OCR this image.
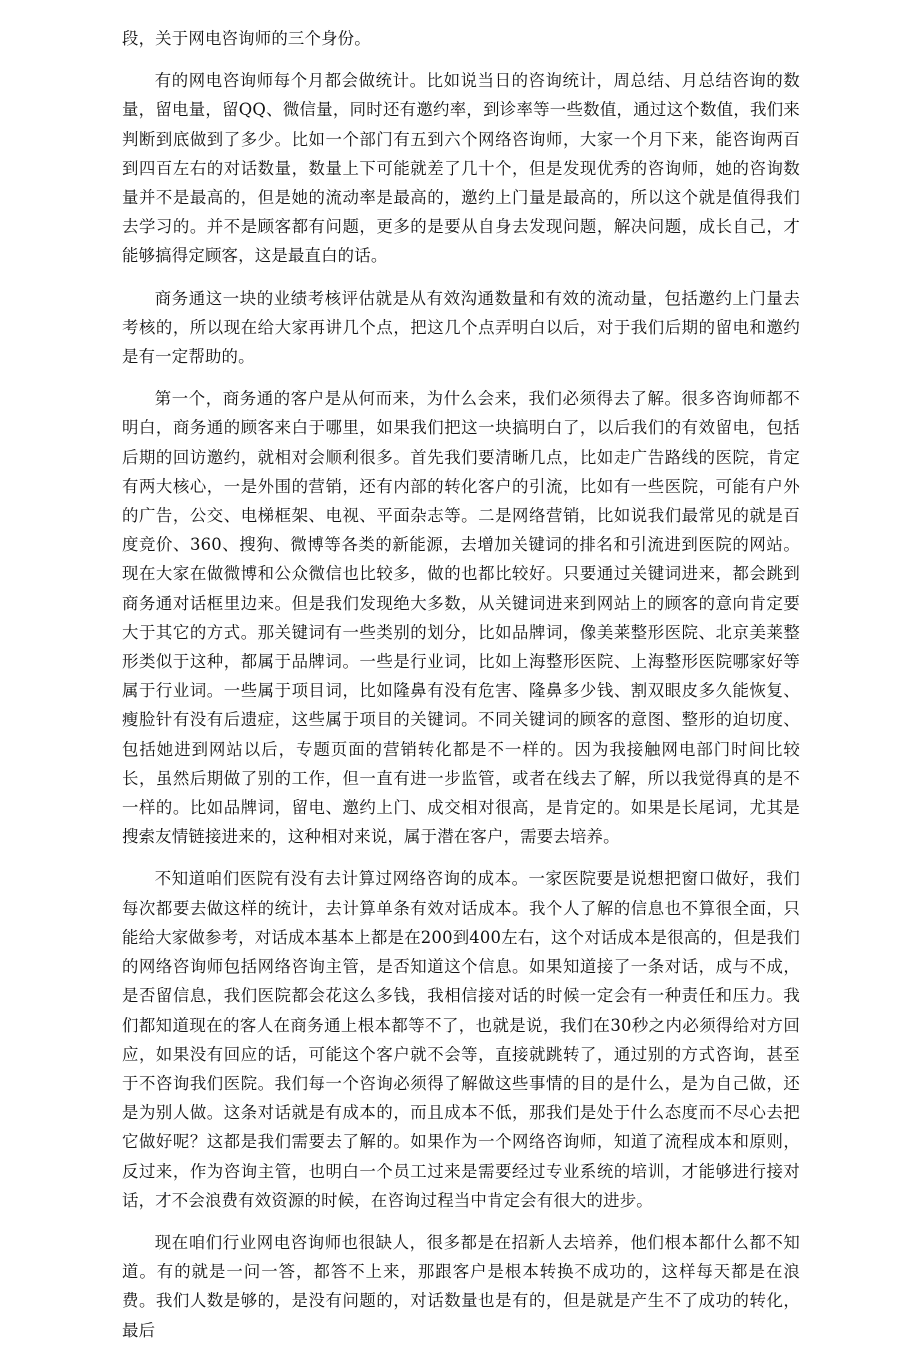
段，关于网电咨询师的三个身份。

有的网电咨询师每个月都会做统计。比如说当日的咨询统计，周总结、月总结咨询的数量，留电量，留QQ、微信量，同时还有邀约率，到诊率等一些数值，通过这个数值，我们来判断到底做到了多少。比如一个部门有五到六个网络咨询师，大家一个月下来，能咨询两百到四百左右的对话数量，数量上下可能就差了几十个，但是发现优秀的咨询师，她的咨询数量并不是最高的，但是她的流动率是最高的，邀约上门量是最高的，所以这个就是值得我们去学习的。并不是顾客都有问题，更多的是要从自身去发现问题，解决问题，成长自己，才能够搞得定顾客，这是最直白的话。

商务通这一块的业绩考核评估就是从有效沟通数量和有效的流动量，包括邀约上门量去考核的，所以现在给大家再讲几个点，把这几个点弄明白以后，对于我们后期的留电和邀约是有一定帮助的。

第一个，商务通的客户是从何而来，为什么会来，我们必须得去了解。很多咨询师都不明白，商务通的顾客来白于哪里，如果我们把这一块搞明白了，以后我们的有效留电，包括后期的回访邀约，就相对会顺利很多。首先我们要清晰几点，比如走广告路线的医院，肯定有两大核心，一是外围的营销，还有内部的转化客户的引流，比如有一些医院，可能有户外的广告，公交、电梯框架、电视、平面杂志等。二是网络营销，比如说我们最常见的就是百度竞价、360、搜狗、微博等各类的新能源，去增加关键词的排名和引流进到医院的网站。现在大家在做微博和公众微信也比较多，做的也都比较好。只要通过关键词进来，都会跳到商务通对话框里边来。但是我们发现绝大多数，从关键词进来到网站上的顾客的意向肯定要大于其它的方式。那关键词有一些类别的划分，比如品牌词，像美莱整形医院、北京美莱整形类似于这种，都属于品牌词。一些是行业词，比如上海整形医院、上海整形医院哪家好等属于行业词。一些属于项目词，比如隆鼻有没有危害、隆鼻多少钱、割双眼皮多久能恢复、瘦脸针有没有后遗症，这些属于项目的关键词。不同关键词的顾客的意图、整形的迫切度、包括她进到网站以后，专题页面的营销转化都是不一样的。因为我接触网电部门时间比较长，虽然后期做了别的工作，但一直有进一步监管，或者在线去了解，所以我觉得真的是不一样的。比如品牌词，留电、邀约上门、成交相对很高，是肯定的。如果是长尾词，尤其是搜索友情链接进来的，这种相对来说，属于潜在客户，需要去培养。

不知道咱们医院有没有去计算过网络咨询的成本。一家医院要是说想把窗口做好，我们每次都要去做这样的统计，去计算单条有效对话成本。我个人了解的信息也不算很全面，只能给大家做参考，对话成本基本上都是在200到400左右，这个对话成本是很高的，但是我们的网络咨询师包括网络咨询主管，是否知道这个信息。如果知道接了一条对话，成与不成，是否留信息，我们医院都会花这么多钱，我相信接对话的时候一定会有一种责任和压力。我们都知道现在的客人在商务通上根本都等不了，也就是说，我们在30秒之内必须得给对方回应，如果没有回应的话，可能这个客户就不会等，直接就跳转了，通过别的方式咨询，甚至于不咨询我们医院。我们每一个咨询必须得了解做这些事情的目的是什么，是为自己做，还是为别人做。这条对话就是有成本的，而且成本不低，那我们是处于什么态度而不尽心去把它做好呢？这都是我们需要去了解的。如果作为一个网络咨询师，知道了流程成本和原则，反过来，作为咨询主管，也明白一个员工过来是需要经过专业系统的培训，才能够进行接对话，才不会浪费有效资源的时候，在咨询过程当中肯定会有很大的进步。

现在咱们行业网电咨询师也很缺人，很多都是在招新人去培养，他们根本都什么都不知道。有的就是一问一答，都答不上来，那跟客户是根本转换不成功的，这样每天都是在浪费。我们人数是够的，是没有问题的，对话数量也是有的，但是就是产生不了成功的转化，最后
